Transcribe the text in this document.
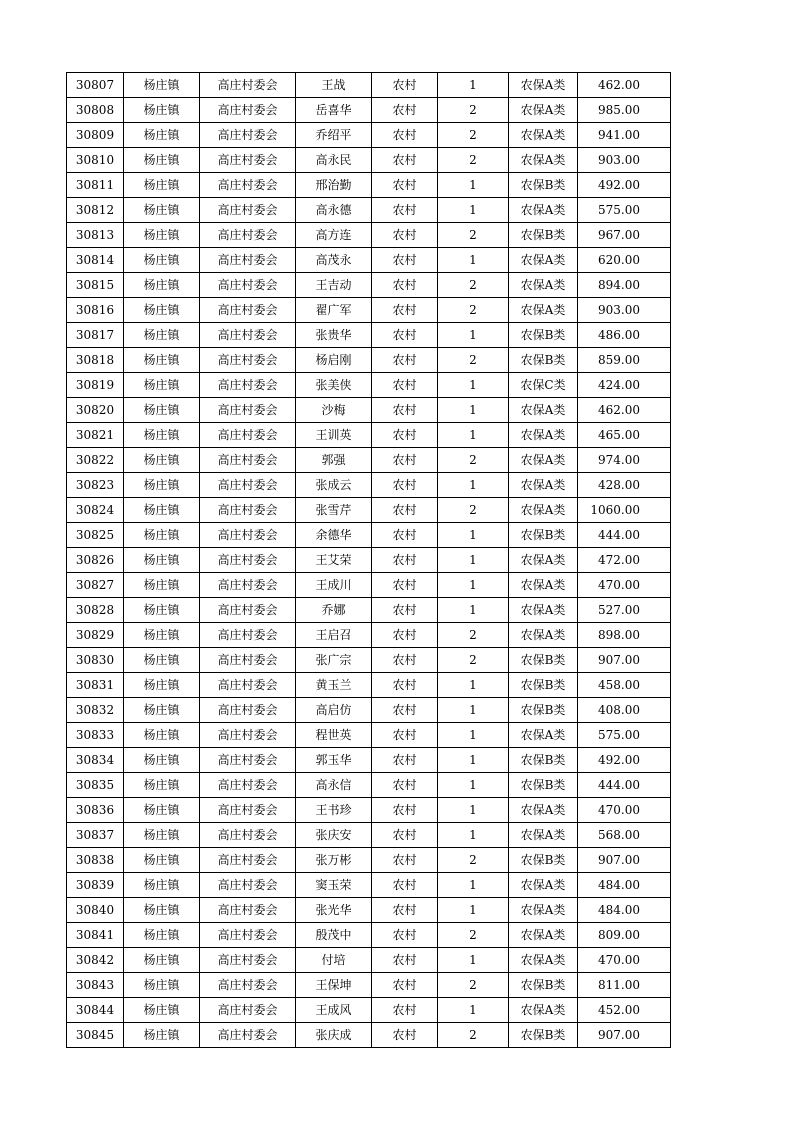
30807	杨庄镇	高庄村委会	王战	农村	1	农保A类	462.00
30808	杨庄镇	高庄村委会	岳喜华	农村	2	农保A类	985.00
30809	杨庄镇	高庄村委会	乔绍平	农村	2	农保A类	941.00
30810	杨庄镇	高庄村委会	高永民	农村	2	农保A类	903.00
30811	杨庄镇	高庄村委会	邢治勤	农村	1	农保B类	492.00
30812	杨庄镇	高庄村委会	高永德	农村	1	农保A类	575.00
30813	杨庄镇	高庄村委会	高方连	农村	2	农保B类	967.00
30814	杨庄镇	高庄村委会	高茂永	农村	1	农保A类	620.00
30815	杨庄镇	高庄村委会	王吉动	农村	2	农保A类	894.00
30816	杨庄镇	高庄村委会	翟广军	农村	2	农保A类	903.00
30817	杨庄镇	高庄村委会	张贵华	农村	1	农保B类	486.00
30818	杨庄镇	高庄村委会	杨启刚	农村	2	农保B类	859.00
30819	杨庄镇	高庄村委会	张美侠	农村	1	农保C类	424.00
30820	杨庄镇	高庄村委会	沙梅	农村	1	农保A类	462.00
30821	杨庄镇	高庄村委会	王训英	农村	1	农保A类	465.00
30822	杨庄镇	高庄村委会	郭强	农村	2	农保A类	974.00
30823	杨庄镇	高庄村委会	张成云	农村	1	农保A类	428.00
30824	杨庄镇	高庄村委会	张雪芹	农村	2	农保A类	1060.00
30825	杨庄镇	高庄村委会	余德华	农村	1	农保B类	444.00
30826	杨庄镇	高庄村委会	王艾荣	农村	1	农保A类	472.00
30827	杨庄镇	高庄村委会	王成川	农村	1	农保A类	470.00
30828	杨庄镇	高庄村委会	乔娜	农村	1	农保A类	527.00
30829	杨庄镇	高庄村委会	王启召	农村	2	农保A类	898.00
30830	杨庄镇	高庄村委会	张广宗	农村	2	农保B类	907.00
30831	杨庄镇	高庄村委会	黄玉兰	农村	1	农保B类	458.00
30832	杨庄镇	高庄村委会	高启仿	农村	1	农保B类	408.00
30833	杨庄镇	高庄村委会	程世英	农村	1	农保A类	575.00
30834	杨庄镇	高庄村委会	郭玉华	农村	1	农保B类	492.00
30835	杨庄镇	高庄村委会	高永信	农村	1	农保B类	444.00
30836	杨庄镇	高庄村委会	王书珍	农村	1	农保A类	470.00
30837	杨庄镇	高庄村委会	张庆安	农村	1	农保A类	568.00
30838	杨庄镇	高庄村委会	张万彬	农村	2	农保B类	907.00
30839	杨庄镇	高庄村委会	窦玉荣	农村	1	农保A类	484.00
30840	杨庄镇	高庄村委会	张光华	农村	1	农保A类	484.00
30841	杨庄镇	高庄村委会	殷茂中	农村	2	农保A类	809.00
30842	杨庄镇	高庄村委会	付培	农村	1	农保A类	470.00
30843	杨庄镇	高庄村委会	王保坤	农村	2	农保B类	811.00
30844	杨庄镇	高庄村委会	王成风	农村	1	农保A类	452.00
30845	杨庄镇	高庄村委会	张庆成	农村	2	农保B类	907.00
